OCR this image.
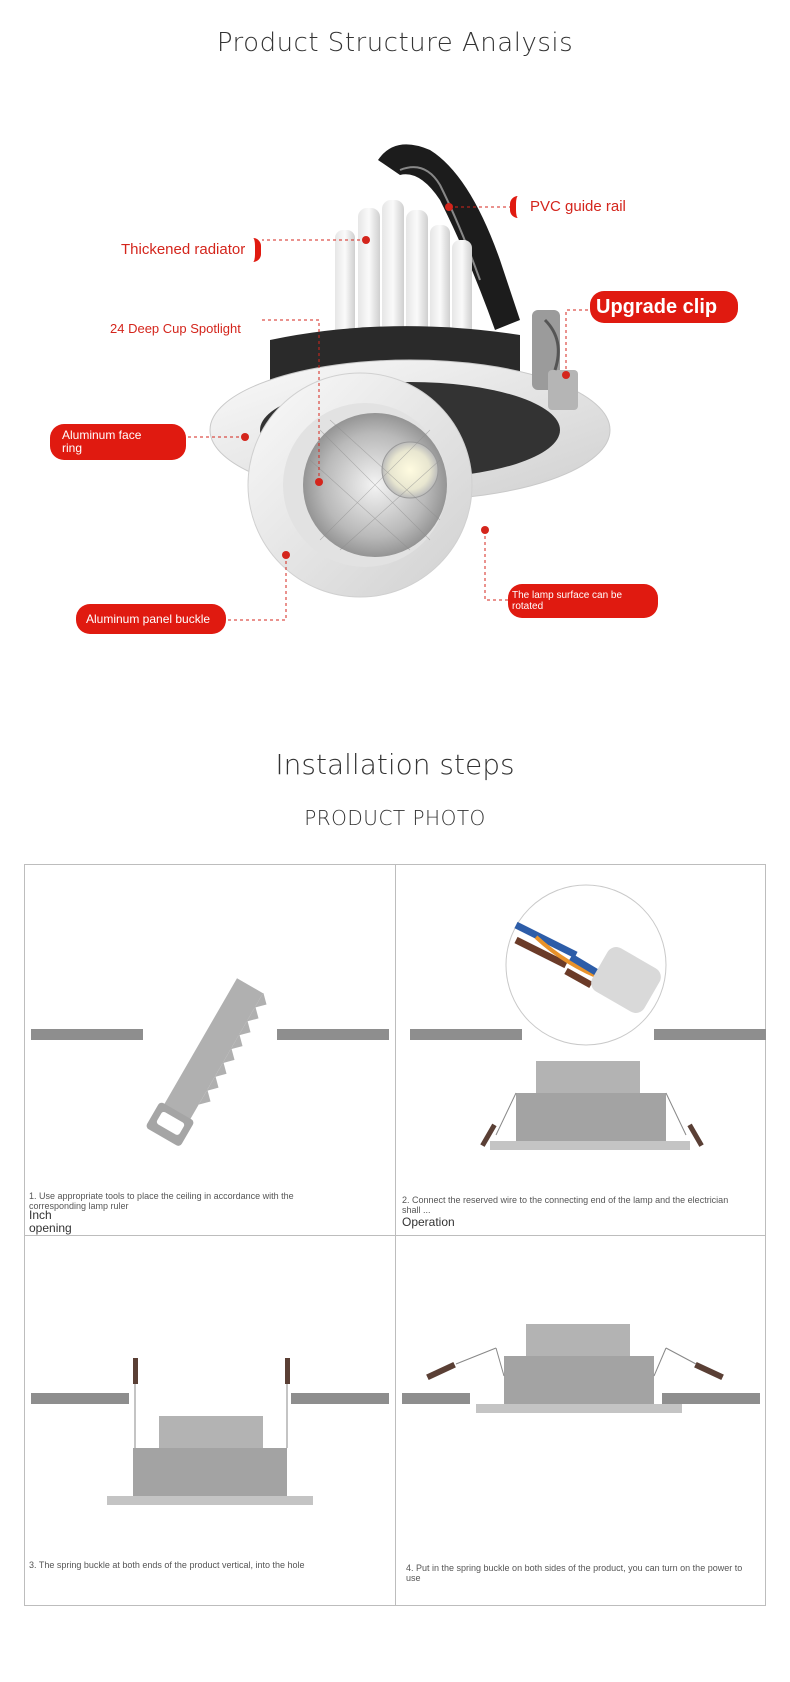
Product Structure Analysis
PVC guide rail
Thickened radiator
Upgrade clip
24 Deep Cup Spotlight
Aluminum face ring
The lamp surface can be rotated
Aluminum panel buckle
Installation steps
PRODUCT PHOTO
1. Use appropriate tools to place the ceiling in accordance with the corresponding lamp ruler
Inch
opening
2. Connect the reserved wire to the connecting end of the lamp and the electrician shall ...
Operation
3. The spring buckle at both ends of the product vertical, into the hole	4. Put in the spring buckle on both sides of the product, you can turn on the power to use
